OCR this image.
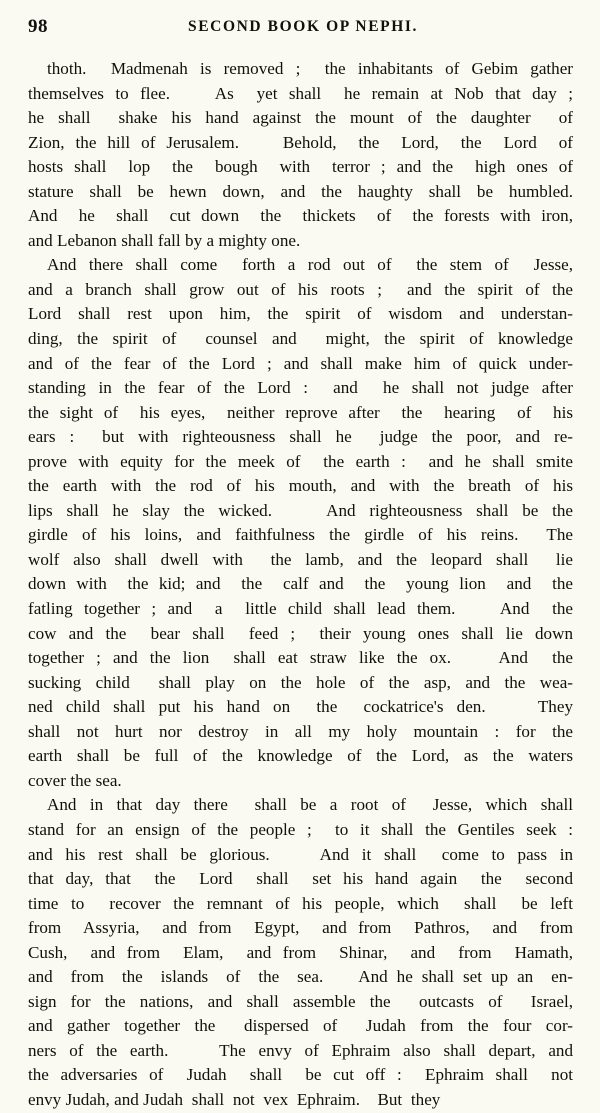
98	SECOND BOOK OP NEPHI.

thoth.  Madmenah is removed ;  the inhabitants of Gebim gather
themselves to flee.    As  yet shall  he remain at Nob that day ;
he shall  shake his hand against the mount of the daughter  of
Zion, the hill of Jerusalem.    Behold,  the  Lord,  the  Lord  of
hosts shall  lop  the  bough  with  terror ; and the  high ones of
stature shall be hewn down, and the haughty shall be humbled.
And  he  shall  cut down  the  thickets  of  the forests with iron,
and Lebanon shall fall by a mighty one.

And there shall come  forth a rod out of  the stem of  Jesse,
and a branch shall grow out of his roots ;  and the spirit of the
Lord shall rest upon him, the spirit of wisdom and understan-
ding, the spirit of  counsel and  might, the spirit of knowledge
and of the fear of the Lord ; and shall make him of quick under-
standing in the fear of the Lord :  and  he shall not judge after
the sight of  his eyes,  neither reprove after  the  hearing  of  his
ears :  but with righteousness shall he  judge the poor, and re-
prove with equity for the meek of  the earth :  and he shall smite
the earth with the rod of his mouth, and with the breath of his
lips shall he slay the wicked.    And righteousness shall be the
girdle of his loins, and faithfulness the girdle of his reins.  The
wolf also shall dwell with  the lamb, and the leopard shall  lie
down with  the kid; and  the  calf and  the  young lion  and  the
fatling together ; and  a  little child shall lead them.    And  the
cow and the  bear shall  feed ;  their young ones shall lie down
together ; and the lion  shall eat straw like the ox.    And  the
sucking child  shall play on the hole of the asp, and the wea-
ned child shall put his hand on  the  cockatrice's den.    They
shall not hurt nor destroy in all my holy mountain : for the
earth shall be full of the knowledge of the Lord, as the waters
cover the sea.

And in that day there  shall be a root of  Jesse, which shall
stand for an ensign of the people ;  to it shall the Gentiles seek :
and his rest shall be glorious.    And it shall  come to pass in
that day, that  the  Lord  shall  set his hand again  the  second
time to  recover the remnant of his people, which  shall  be left
from  Assyria,  and from  Egypt,  and from  Pathros,  and  from
Cush,  and from  Elam,  and from  Shinar,  and  from  Hamath,
and  from  the  islands  of  the  sea.    And he shall set up an  en-
sign for the nations, and shall assemble the  outcasts of  Israel,
and gather together the  dispersed of  Judah from the four cor-
ners of the earth.    The envy of Ephraim also shall depart, and
the adversaries of  Judah  shall  be cut off :  Ephraim shall  not
envy Judah, and Judah  shall  not  vex  Ephraim.    But  they
